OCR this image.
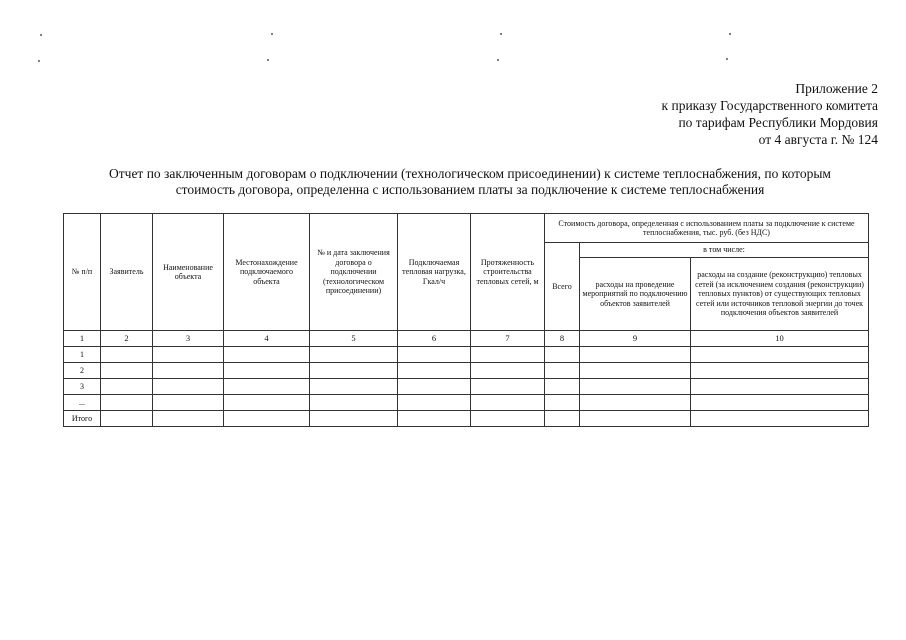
Приложение 2
к приказу Государственного комитета
по тарифам Республики Мордовия
от 4 августа г. № 124
Отчет по заключенным договорам о подключении (технологическом присоединении) к системе теплоснабжения, по которым
стоимость договора, определенна с использованием платы за подключение к системе теплоснабжения
№ п/п	Заявитель	Наименование объекта	Местонахождение подключаемого объекта	№ и дата заключения договора о подключении (технологическом присоединении)	Подключаемая тепловая нагрузка, Гкал/ч	Протяженность строительства тепловых сетей, м	Стоимость договора, определенная с использованием платы за подключение к системе теплоснабжения, тыс. руб. (без НДС)		
							Всего	в том числе:	
								расходы на проведение мероприятий по подключению объектов заявителей	расходы на создание (реконструкцию) тепловых сетей (за исключением создания (реконструкции) тепловых пунктов) от существующих тепловых сетей или источников тепловой энергии до точек подключения объектов заявителей
1	2	3	4	5	6	7	8	9	10
1									
2									
3									
...									
Итого									
